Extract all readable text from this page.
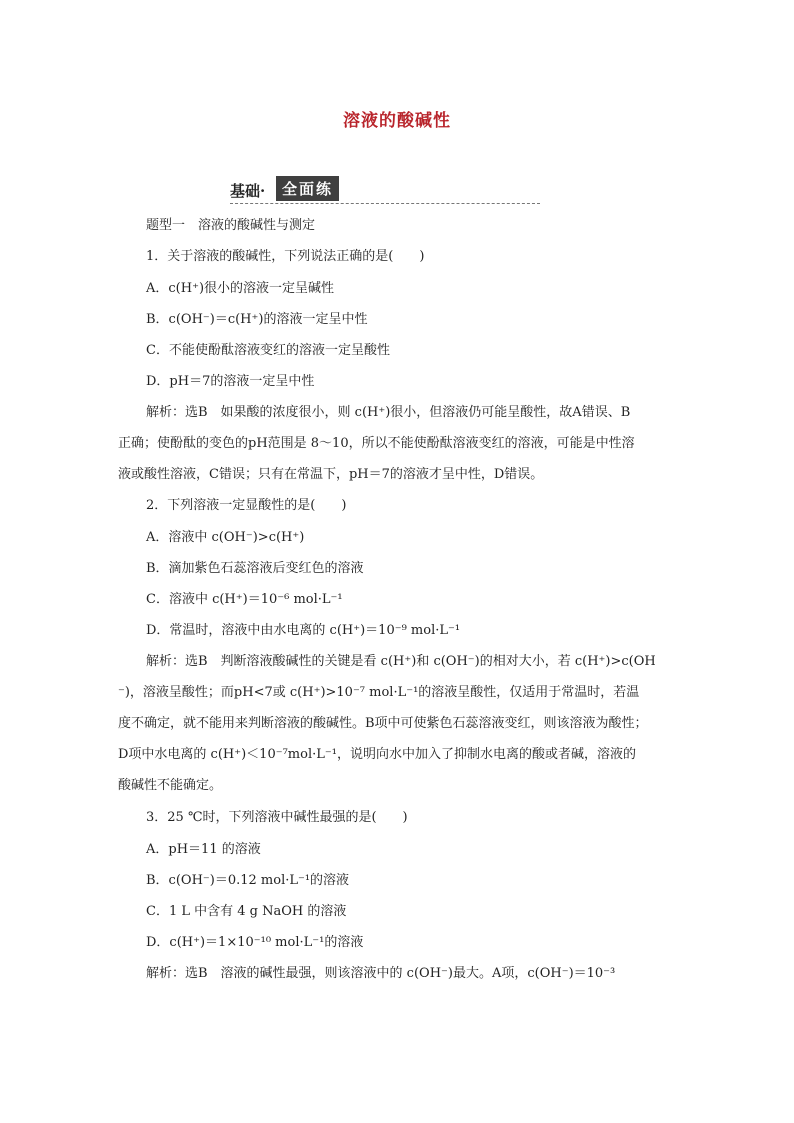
溶液的酸碱性
基础·	全面练
题型一　溶液的酸碱性与测定
1．关于溶液的酸碱性，下列说法正确的是(　　)
A．c(H⁺)很小的溶液一定呈碱性
B．c(OH⁻)＝c(H⁺)的溶液一定呈中性
C．不能使酚酞溶液变红的溶液一定呈酸性
D．pH＝7的溶液一定呈中性
解析：选B　如果酸的浓度很小，则 c(H⁺)很小，但溶液仍可能呈酸性，故A错误、B
正确；使酚酞的变色的pH范围是 8～10，所以不能使酚酞溶液变红的溶液，可能是中性溶
液或酸性溶液，C错误；只有在常温下，pH＝7的溶液才呈中性，D错误。
2．下列溶液一定显酸性的是(　　)
A．溶液中 c(OH⁻)>c(H⁺)
B．滴加紫色石蕊溶液后变红色的溶液
C．溶液中 c(H⁺)＝10⁻⁶ mol·L⁻¹
D．常温时，溶液中由水电离的 c(H⁺)＝10⁻⁹ mol·L⁻¹
解析：选B　判断溶液酸碱性的关键是看 c(H⁺)和 c(OH⁻)的相对大小，若 c(H⁺)>c(OH
⁻)，溶液呈酸性；而pH<7或 c(H⁺)>10⁻⁷ mol·L⁻¹的溶液呈酸性，仅适用于常温时，若温
度不确定，就不能用来判断溶液的酸碱性。B项中可使紫色石蕊溶液变红，则该溶液为酸性；
D项中水电离的 c(H⁺)＜10⁻⁷mol·L⁻¹，说明向水中加入了抑制水电离的酸或者碱，溶液的
酸碱性不能确定。
3．25 ℃时，下列溶液中碱性最强的是(　　)
A．pH＝11 的溶液
B．c(OH⁻)＝0.12 mol·L⁻¹的溶液
C．1 L 中含有 4 g NaOH 的溶液
D．c(H⁺)＝1×10⁻¹⁰ mol·L⁻¹的溶液
解析：选B　溶液的碱性最强，则该溶液中的 c(OH⁻)最大。A项，c(OH⁻)＝10⁻³
